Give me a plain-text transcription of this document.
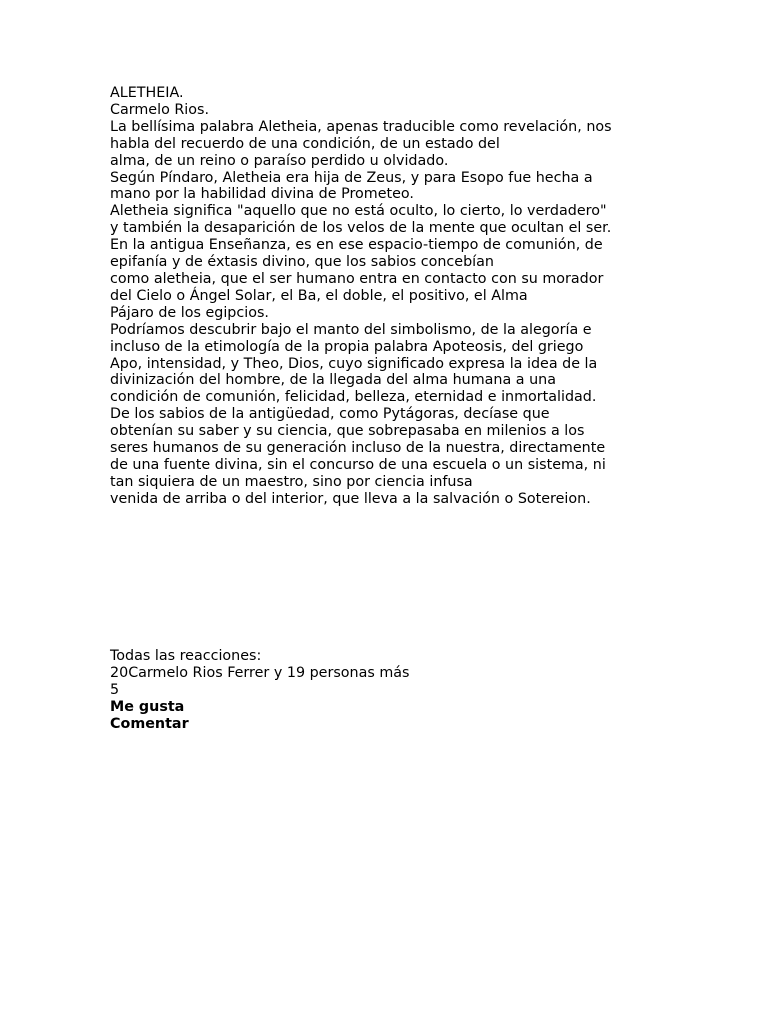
ALETHEIA.
Carmelo Rios.
La bellísima palabra Aletheia, apenas traducible como revelación, nos
habla del recuerdo de una condición, de un estado del
alma, de un reino o paraíso perdido u olvidado.
Según Píndaro, Aletheia era hija de Zeus, y para Esopo fue hecha a
mano por la habilidad divina de Prometeo.
Aletheia significa "aquello que no está oculto, lo cierto, lo verdadero"
y también la desaparición de los velos de la mente que ocultan el ser.
En la antigua Enseñanza, es en ese espacio-tiempo de comunión, de
epifanía y de éxtasis divino, que los sabios concebían
como aletheia, que el ser humano entra en contacto con su morador
del Cielo o Ángel Solar, el Ba, el doble, el positivo, el Alma
Pájaro de los egipcios.
Podríamos descubrir bajo el manto del simbolismo, de la alegoría e
incluso de la etimología de la propia palabra Apoteosis, del griego
Apo, intensidad, y Theo, Dios, cuyo significado expresa la idea de la
divinización del hombre, de la llegada del alma humana a una
condición de comunión, felicidad, belleza, eternidad e inmortalidad.
De los sabios de la antigüedad, como Pytágoras, decíase que
obtenían su saber y su ciencia, que sobrepasaba en milenios a los
seres humanos de su generación incluso de la nuestra, directamente
de una fuente divina, sin el concurso de una escuela o un sistema, ni
tan siquiera de un maestro, sino por ciencia infusa
venida de arriba o del interior, que lleva a la salvación o Sotereion.
Todas las reacciones:
20Carmelo Rios Ferrer y 19 personas más
5
Me gusta
Comentar
